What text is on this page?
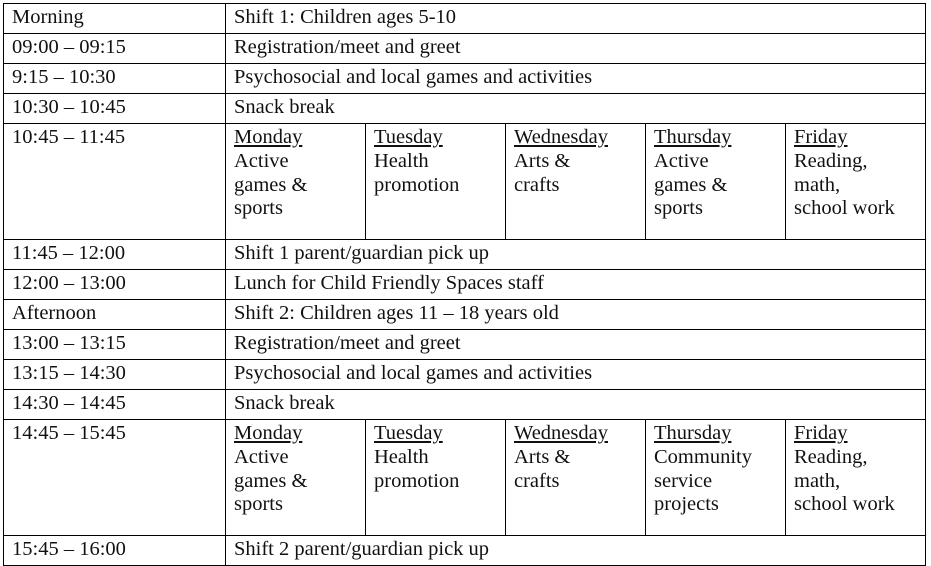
Morning	Shift 1: Children ages 5-10				
09:00 – 09:15	Registration/meet and greet				
9:15 – 10:30	Psychosocial and local games and activities				
10:30 – 10:45	Snack break				
10:45 – 11:45	Monday
Active
games &
sports	Tuesday
Health
promotion	Wednesday
Arts &
crafts	Thursday
Active
games &
sports	Friday
Reading,
math,
school work

11:45 – 12:00	Shift 1 parent/guardian pick up				
12:00 – 13:00	Lunch for Child Friendly Spaces staff				
Afternoon	Shift 2: Children ages 11 – 18 years old				
13:00 – 13:15	Registration/meet and greet				
13:15 – 14:30	Psychosocial and local games and activities				
14:30 – 14:45	Snack break				
14:45 – 15:45	Monday
Active
games &
sports	Tuesday
Health
promotion	Wednesday
Arts &
crafts	Thursday
Community
service
projects	Friday
Reading,
math,
school work

15:45 – 16:00	Shift 2 parent/guardian pick up				
